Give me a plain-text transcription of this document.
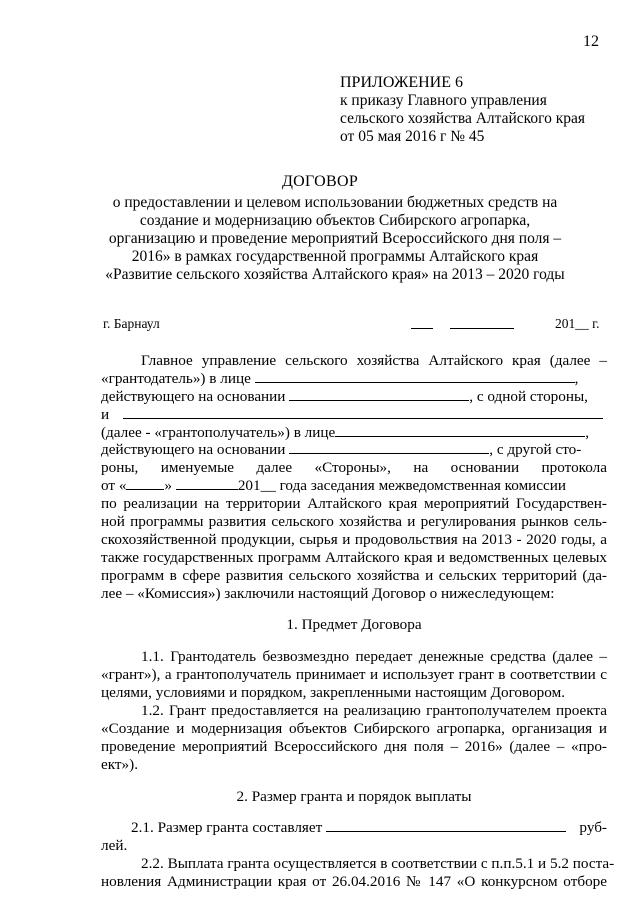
12
ПРИЛОЖЕНИЕ 6
к приказу Главного управления
сельского хозяйства Алтайского края
от 05 мая 2016 г № 45
ДОГОВОР
о предоставлении и целевом использовании бюджетных средств на создание и модернизацию объектов Сибирского агропарка, организацию и проведение мероприятий Всероссийского дня поля – 2016» в рамках государственной программы Алтайского края «Развитие сельского хозяйства Алтайского края» на 2013 – 2020 годы
г. Барнаул	201__ г.
Главное управление сельского хозяйства Алтайского края (далее –
«грантодатель») в лице	,
действующего на основании	, с одной стороны,
и
(далее - «грантополучатель») в лице	,
действующего на основании	, с другой сто-
роны, именуемые далее «Стороны», на основании протокола
от «	»	201__ года заседания межведомственная комиссии
по реализации на территории Алтайского края мероприятий Государствен-
ной программы развития сельского хозяйства и регулирования рынков сель-
скохозяйственной продукции, сырья и продовольствия на 2013 - 2020 годы, а
также государственных программ Алтайского края и ведомственных целевых
программ в сфере развития сельского хозяйства и сельских территорий (да-
лее – «Комиссия») заключили настоящий Договор о нижеследующем:
1. Предмет Договора
1.1. Грантодатель безвозмездно передает денежные средства (далее –
«грант»), а грантополучатель принимает и использует грант в соответствии с
целями, условиями и порядком, закрепленными настоящим Договором.
1.2. Грант предоставляется на реализацию грантополучателем проекта
«Создание и модернизация объектов Сибирского агропарка, организация и
проведение мероприятий Всероссийского дня поля – 2016» (далее – «про-
ект»).
2. Размер гранта и порядок выплаты
2.1. Размер гранта составляет	руб-
лей.
2.2. Выплата гранта осуществляется в соответствии с п.п.5.1 и 5.2 поста-
новления Администрации края от 26.04.2016 № 147 «О конкурсном отборе
